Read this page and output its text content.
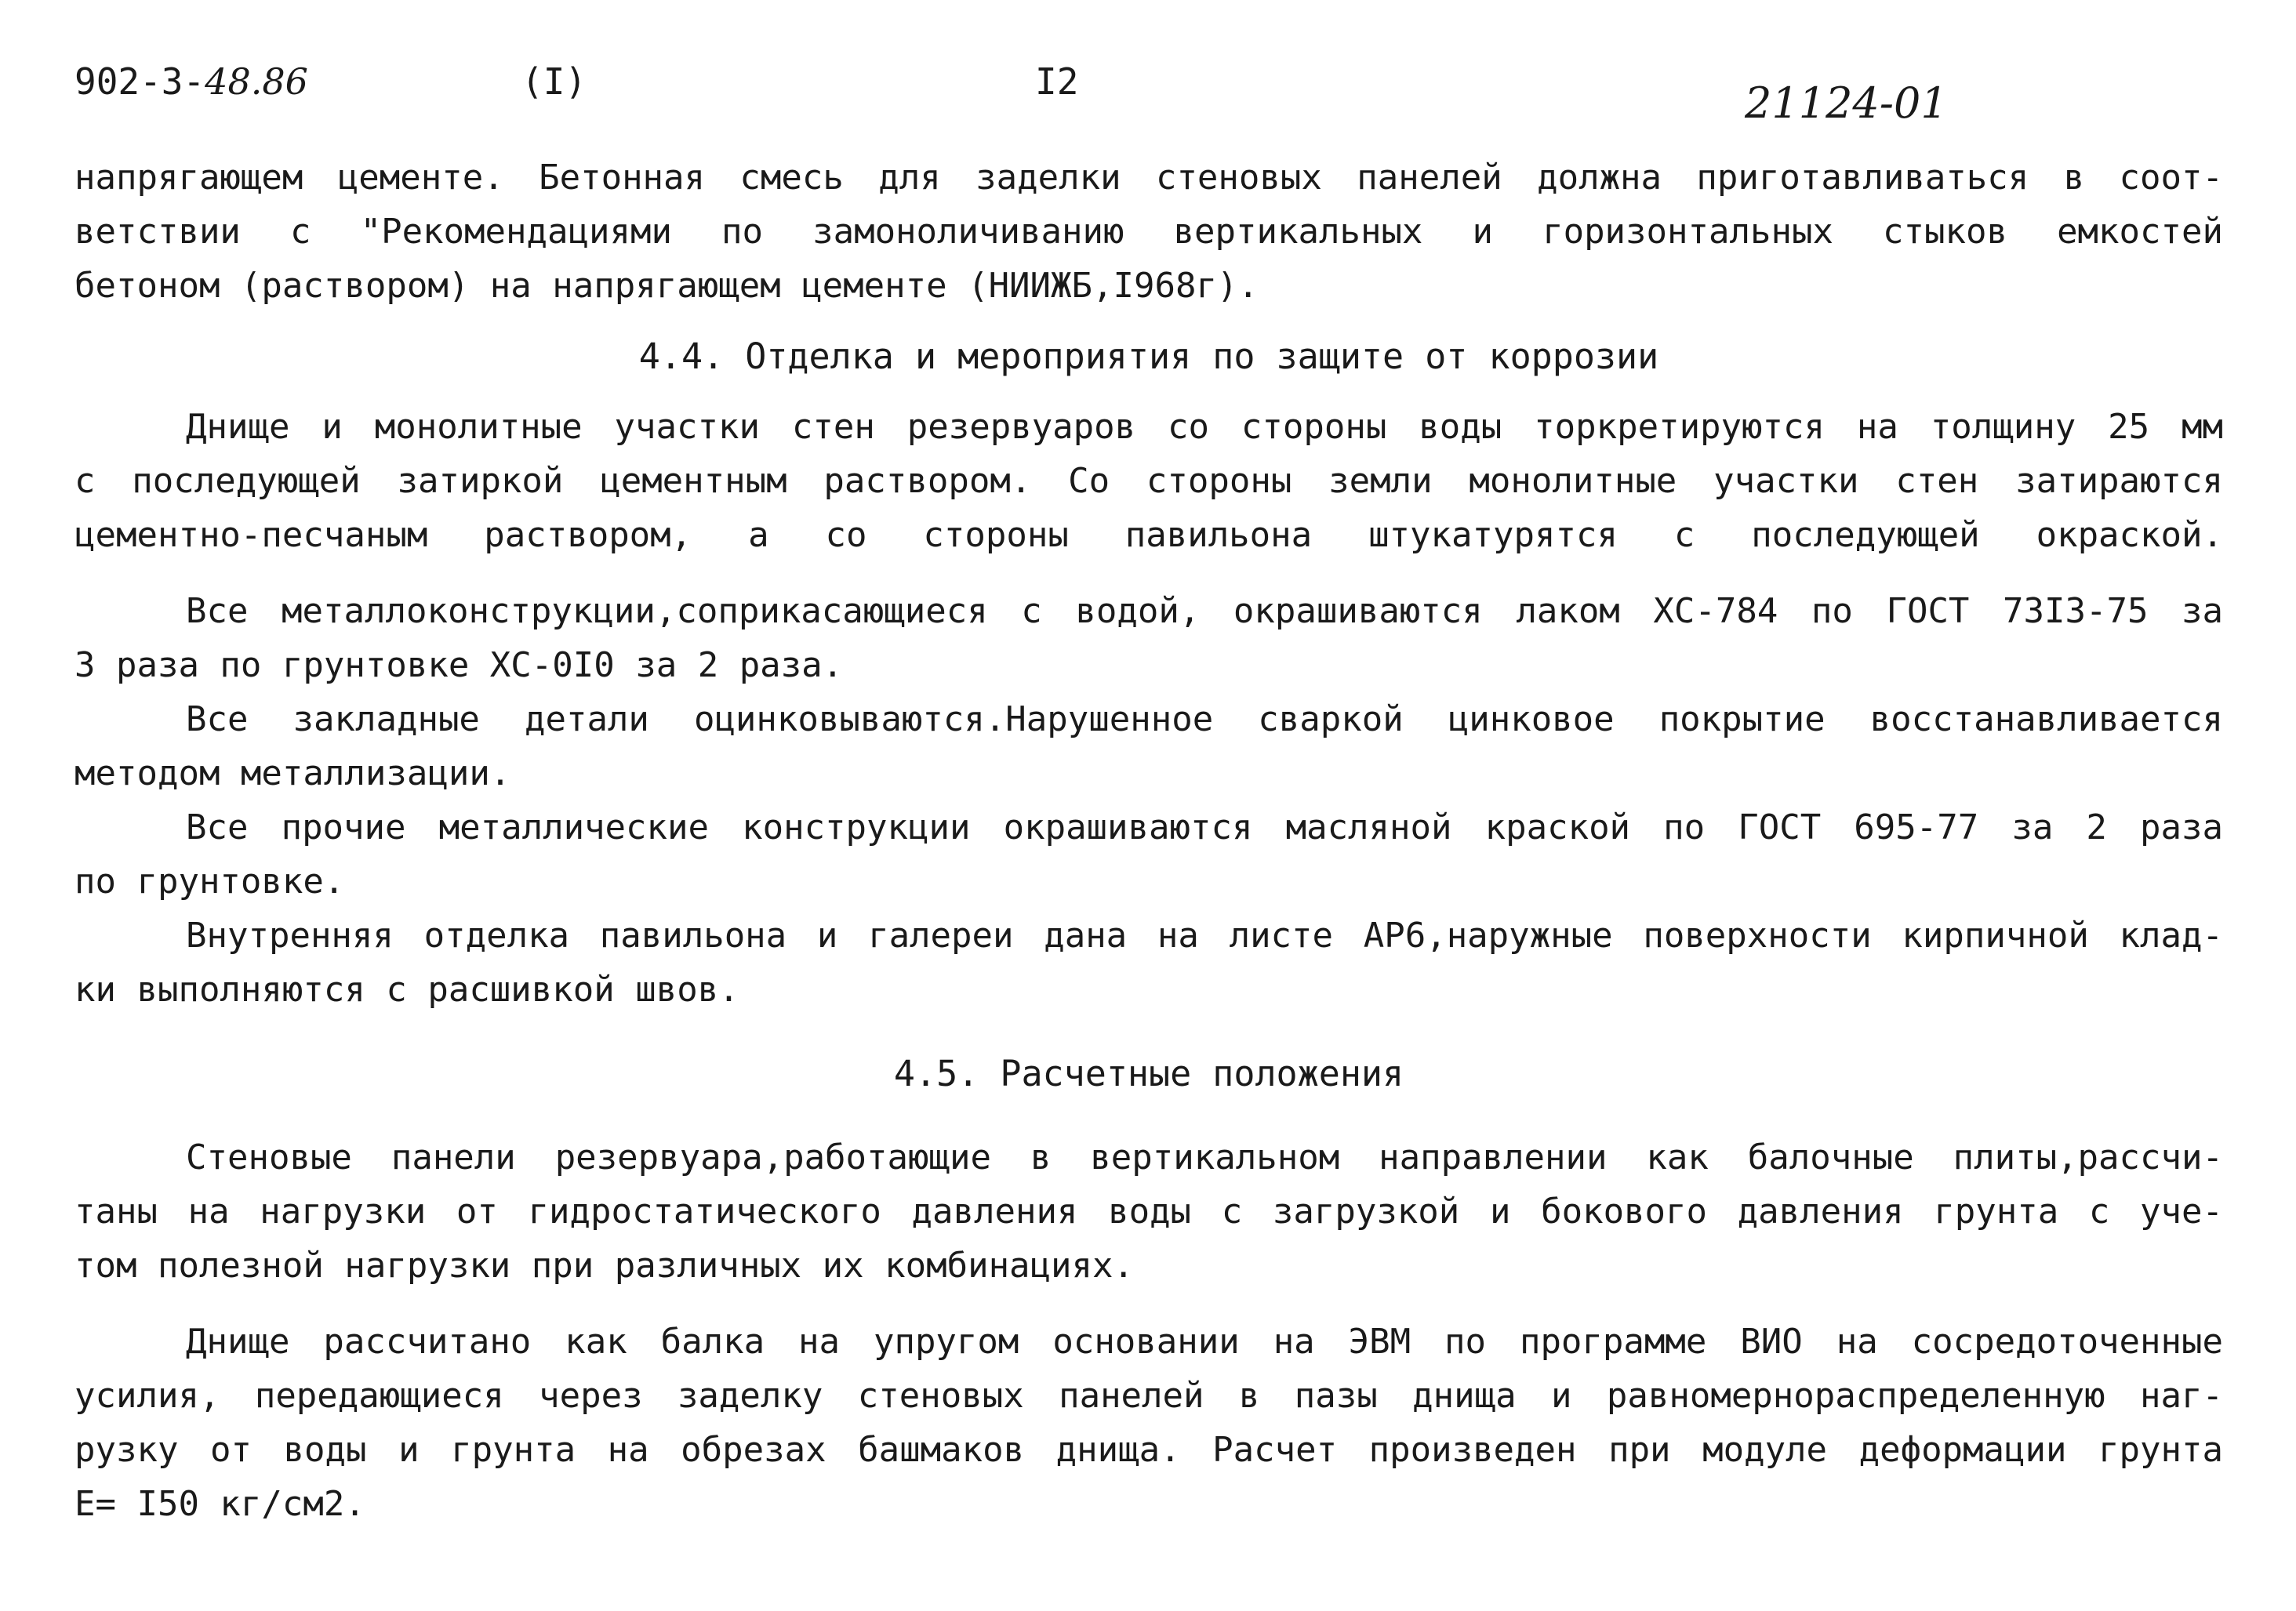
902-3-48.86	(I)	I2	21124-01
напрягающем цементе. Бетонная смесь для заделки стеновых панелей должна приготавливаться в соот-
ветствии с "Рекомендациями по замоноличиванию вертикальных и горизонтальных стыков емкостей
бетоном (раствором) на напрягающем цементе (НИИЖБ,I968г).
4.4. Отделка и мероприятия по защите от коррозии
Днище и монолитные участки стен резервуаров со стороны воды торкретируются на толщину 25 мм
с последующей затиркой цементным раствором. Со стороны земли монолитные участки стен затираются
цементно-песчаным раствором, а со стороны павильона штукатурятся с последующей окраской.
Все металлоконструкции,соприкасающиеся с водой, окрашиваются лаком ХС-784 по ГОСТ 73I3-75 за
3 раза по грунтовке ХС-0I0 за 2 раза.
Все закладные детали оцинковываются.Нарушенное сваркой цинковое покрытие восстанавливается
методом металлизации.
Все прочие металлические конструкции окрашиваются масляной краской по ГОСТ 695-77 за 2 раза
по грунтовке.
Внутренняя отделка павильона и галереи дана на листе АР6,наружные поверхности кирпичной клад-
ки выполняются с расшивкой швов.
4.5. Расчетные положения
Стеновые панели резервуара,работающие в вертикальном направлении как балочные плиты,рассчи-
таны на нагрузки от гидростатического давления воды с загрузкой и бокового давления грунта с уче-
том полезной нагрузки при различных их комбинациях.
Днище рассчитано как балка на упругом основании на ЭВМ по программе ВИО на сосредоточенные
усилия, передающиеся через заделку стеновых панелей в пазы днища и равномернораспределенную наг-
рузку от воды и грунта на обрезах башмаков днища. Расчет произведен при модуле деформации грунта
Е= I50 кг/см2.
